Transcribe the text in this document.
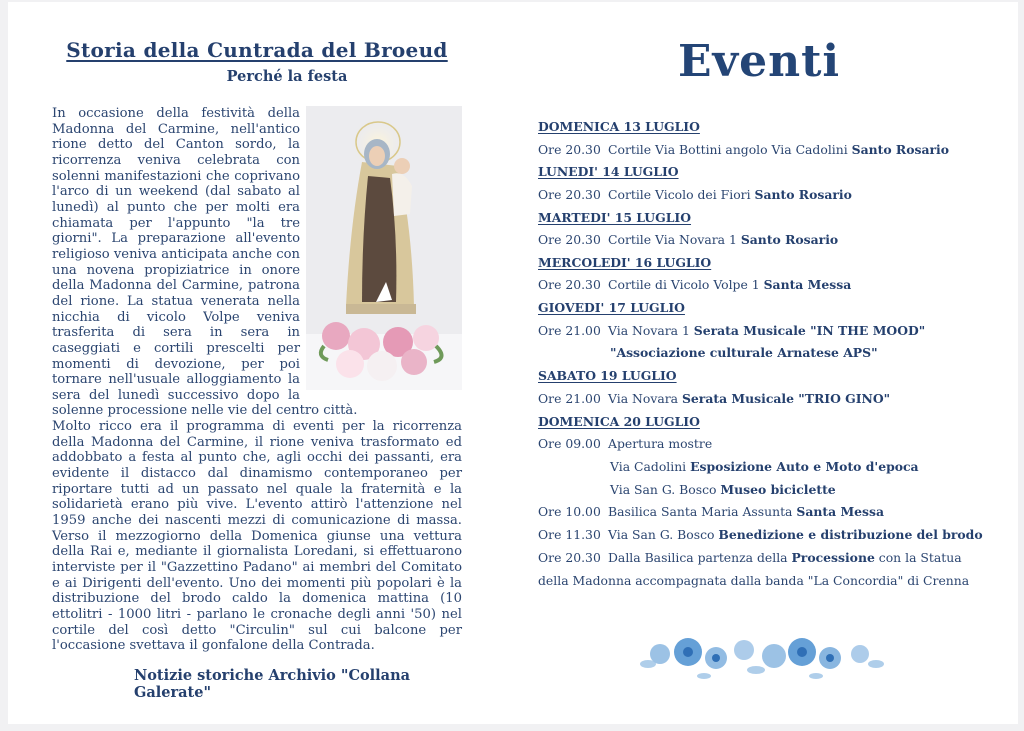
Storia della Cuntrada del Broeud
Perché la festa
In occasione della festività della Madonna del Carmine, nell'antico rione detto del Canton sordo, la ricorrenza veniva celebrata con solenni manifestazioni che coprivano l'arco di un weekend (dal sabato al lunedì) al punto che per molti era chiamata per l'appunto "la tre giorni". La preparazione all'evento religioso veniva anticipata anche con una novena propiziatrice in onore della Madonna del Carmine, patrona del rione. La statua venerata nella nicchia di vicolo Volpe veniva trasferita di sera in sera in caseggiati e cortili prescelti per momenti di devozione, per poi tornare nell'usuale alloggiamento la sera del lunedì successivo dopo la solenne processione nelle vie del centro città.
Molto ricco era il programma di eventi per la ricorrenza della Madonna del Carmine, il rione veniva trasformato ed addobbato a festa al punto che, agli occhi dei passanti, era evidente il distacco dal dinamismo contemporaneo per riportare tutti ad un passato nel quale la fraternità e la solidarietà erano più vive. L'evento attirò l'attenzione nel 1959 anche dei nascenti mezzi di comunicazione di massa. Verso il mezzogiorno della Domenica giunse una vettura della Rai e, mediante il giornalista Loredani, si effettuarono interviste per il "Gazzettino Padano" ai membri del Comitato e ai Dirigenti dell'evento. Uno dei momenti più popolari è la distribuzione del brodo caldo la domenica mattina (10 ettolitri - 1000 litri - parlano le cronache degli anni '50) nel cortile del così detto "Circulin" sul cui balcone per l'occasione svettava il gonfalone della Contrada.
Notizie storiche Archivio "Collana Galerate"
Eventi
DOMENICA 13 LUGLIO
Ore 20.30 Cortile Via Bottini angolo Via Cadolini Santo Rosario
LUNEDI' 14 LUGLIO
Ore 20.30 Cortile Vicolo dei Fiori Santo Rosario
MARTEDI' 15 LUGLIO
Ore 20.30 Cortile Via Novara 1 Santo Rosario
MERCOLEDI' 16 LUGLIO
Ore 20.30 Cortile di Vicolo Volpe 1 Santa Messa
GIOVEDI' 17 LUGLIO
Ore 21.00 Via Novara 1 Serata Musicale "IN THE MOOD"
"Associazione culturale Arnatese APS"
SABATO 19 LUGLIO
Ore 21.00 Via Novara Serata Musicale "TRIO GINO"
DOMENICA 20 LUGLIO
Ore 09.00 Apertura mostre
Via Cadolini Esposizione Auto e Moto d'epoca
Via San G. Bosco Museo biciclette
Ore 10.00 Basilica Santa Maria Assunta Santa Messa
Ore 11.30 Via San G. Bosco Benedizione e distribuzione del brodo
Ore 20.30 Dalla Basilica partenza della Processione con la Statua
della Madonna accompagnata dalla banda "La Concordia" di Crenna
